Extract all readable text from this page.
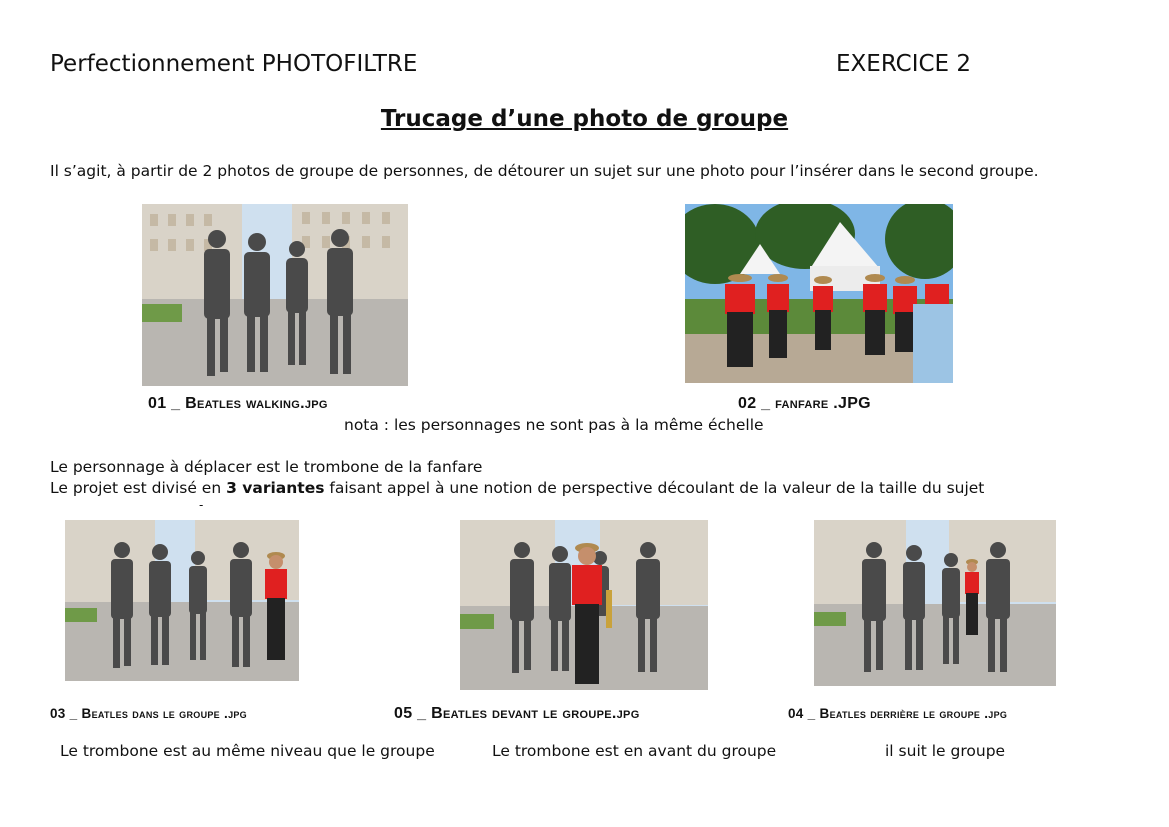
Perfectionnement PHOTOFILTRE	EXERCICE 2
Trucage d’une photo de groupe
Il s’agit, à partir de 2 photos de groupe de personnes, de détourer un sujet sur une photo pour l’insérer dans le second groupe.
01 _ Beatles walking.jpg	02 _ fanfare .JPG
nota : les personnages ne sont pas à la même échelle
Le personnage à déplacer est le trombone de la fanfare
Le projet est divisé en 3 variantes faisant appel à une notion de perspective découlant de la valeur de la taille du sujet
-
03 _ Beatles dans le groupe .jpg	05 _ Beatles devant le groupe.jpg	04 _ Beatles derrière le groupe .jpg
Le trombone est au même niveau que le groupe	Le trombone est en avant du groupe	il suit le groupe
